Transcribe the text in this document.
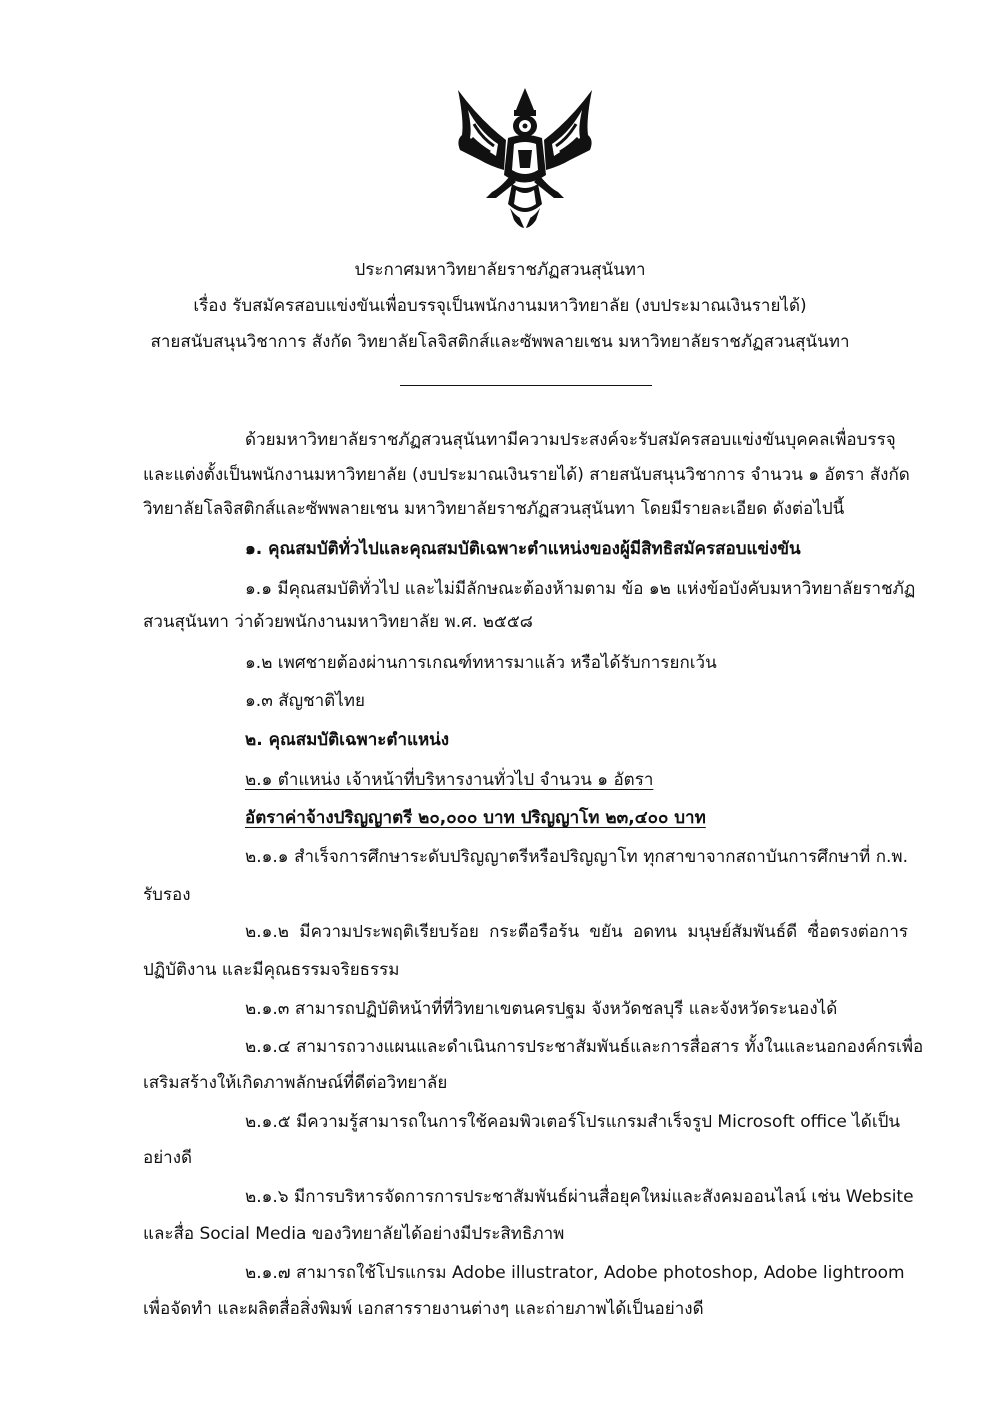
ประกาศมหาวิทยาลัยราชภัฏสวนสุนันทา
เรื่อง รับสมัครสอบแข่งขันเพื่อบรรจุเป็นพนักงานมหาวิทยาลัย (งบประมาณเงินรายได้)
สายสนับสนุนวิชาการ สังกัด วิทยาลัยโลจิสติกส์และซัพพลายเชน มหาวิทยาลัยราชภัฏสวนสุนันทา
ด้วยมหาวิทยาลัยราชภัฏสวนสุนันทามีความประสงค์จะรับสมัครสอบแข่งขันบุคคลเพื่อบรรจุ
และแต่งตั้งเป็นพนักงานมหาวิทยาลัย (งบประมาณเงินรายได้) สายสนับสนุนวิชาการ จำนวน ๑ อัตรา สังกัด
วิทยาลัยโลจิสติกส์และซัพพลายเชน มหาวิทยาลัยราชภัฏสวนสุนันทา โดยมีรายละเอียด ดังต่อไปนี้
๑. คุณสมบัติทั่วไปและคุณสมบัติเฉพาะตำแหน่งของผู้มีสิทธิสมัครสอบแข่งขัน
๑.๑ มีคุณสมบัติทั่วไป และไม่มีลักษณะต้องห้ามตาม ข้อ ๑๒ แห่งข้อบังคับมหาวิทยาลัยราชภัฏ
สวนสุนันทา ว่าด้วยพนักงานมหาวิทยาลัย พ.ศ. ๒๕๕๘
๑.๒ เพศชายต้องผ่านการเกณฑ์ทหารมาแล้ว หรือได้รับการยกเว้น
๑.๓ สัญชาติไทย
๒. คุณสมบัติเฉพาะตำแหน่ง
๒.๑ ตำแหน่ง เจ้าหน้าที่บริหารงานทั่วไป จำนวน ๑ อัตรา
อัตราค่าจ้างปริญญาตรี ๒๐,๐๐๐ บาท ปริญญาโท ๒๓,๔๐๐ บาท
๒.๑.๑ สำเร็จการศึกษาระดับปริญญาตรีหรือปริญญาโท ทุกสาขาจากสถาบันการศึกษาที่ ก.พ.
รับรอง
๒.๑.๒ มีความประพฤติเรียบร้อย กระตือรือร้น ขยัน อดทน มนุษย์สัมพันธ์ดี ซื่อตรงต่อการ
ปฏิบัติงาน และมีคุณธรรมจริยธรรม
๒.๑.๓ สามารถปฏิบัติหน้าที่ที่วิทยาเขตนครปฐม จังหวัดชลบุรี และจังหวัดระนองได้
๒.๑.๔ สามารถวางแผนและดำเนินการประชาสัมพันธ์และการสื่อสาร ทั้งในและนอกองค์กรเพื่อ
เสริมสร้างให้เกิดภาพลักษณ์ที่ดีต่อวิทยาลัย
๒.๑.๕ มีความรู้สามารถในการใช้คอมพิวเตอร์โปรแกรมสำเร็จรูป Microsoft office ได้เป็น
อย่างดี
๒.๑.๖ มีการบริหารจัดการการประชาสัมพันธ์ผ่านสื่อยุคใหม่และสังคมออนไลน์ เช่น Website
และสื่อ Social Media ของวิทยาลัยได้อย่างมีประสิทธิภาพ
๒.๑.๗ สามารถใช้โปรแกรม Adobe illustrator, Adobe photoshop, Adobe lightroom
เพื่อจัดทำ และผลิตสื่อสิ่งพิมพ์ เอกสารรายงานต่างๆ และถ่ายภาพได้เป็นอย่างดี
